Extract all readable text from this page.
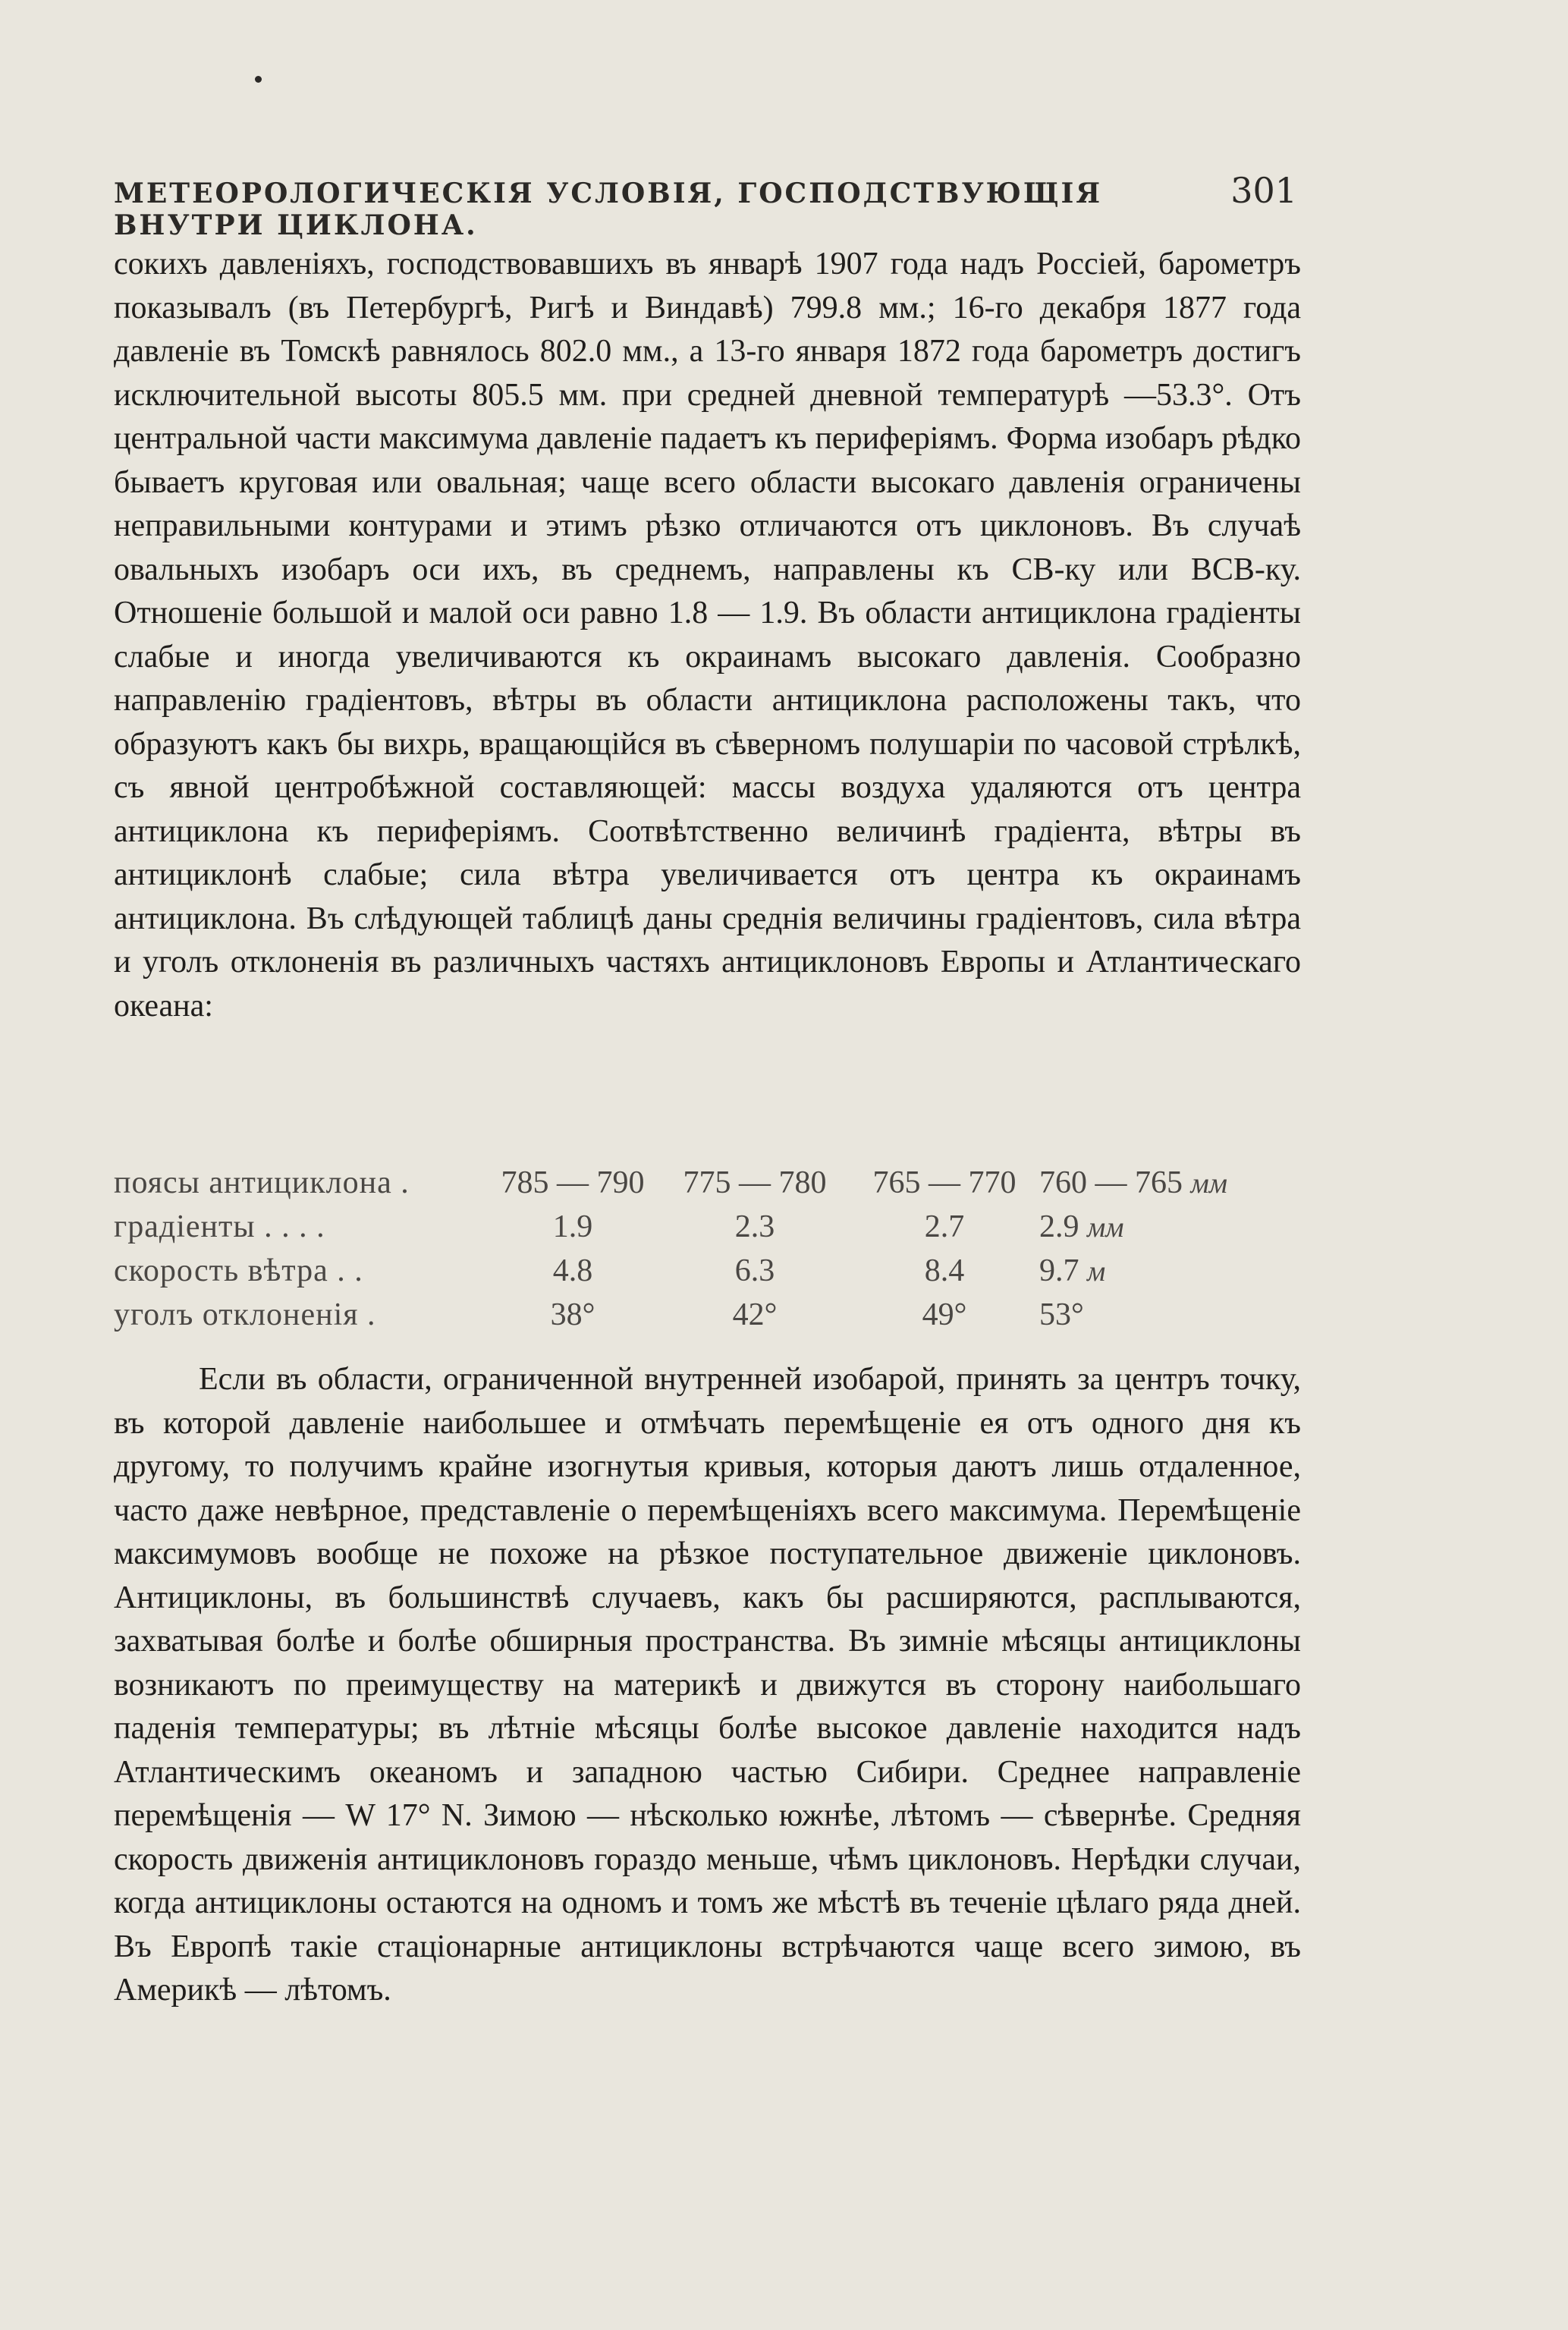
МЕТЕОРОЛОГИЧЕСКІЯ УСЛОВІЯ, ГОСПОДСТВУЮЩІЯ ВНУТРИ ЦИКЛОНА.
301

сокихъ давленіяхъ, господствовавшихъ въ январѣ 1907 года надъ Россіей, барометръ показывалъ (въ Петербургѣ, Ригѣ и Виндавѣ) 799.8 мм.; 16-го декабря 1877 года давленіе въ Томскѣ равнялось 802.0 мм., а 13-го января 1872 года барометръ достигъ исключительной высоты 805.5 мм. при средней дневной температурѣ —53.3°. Отъ центральной части максимума давленіе падаетъ къ периферіямъ. Форма изобаръ рѣдко бываетъ круговая или овальная; чаще всего области высокаго давленія ограничены неправильными контурами и этимъ рѣзко отличаются отъ циклоновъ. Въ случаѣ овальныхъ изобаръ оси ихъ, въ среднемъ, направлены къ СВ-ку или ВСВ-ку. Отношеніе большой и малой оси равно 1.8 — 1.9. Въ области антициклона градіенты слабые и иногда увеличиваются къ окраинамъ высокаго давленія. Сообразно направленію градіентовъ, вѣтры въ области антициклона расположены такъ, что образуютъ какъ бы вихрь, вращающійся въ сѣверномъ полушаріи по часовой стрѣлкѣ, съ явной центробѣжной составляющей: массы воздуха удаляются отъ центра антициклона къ периферіямъ. Соотвѣтственно величинѣ градіента, вѣтры въ антициклонѣ слабые; сила вѣтра увеличивается отъ центра къ окраинамъ антициклона. Въ слѣдующей таблицѣ даны среднія величины градіентовъ, сила вѣтра и уголъ отклоненія въ различныхъ частяхъ антициклоновъ Европы и Атлантическаго океана:

поясы антициклона .	785 — 790	775 — 780	765 — 770	760 — 765 мм
градіенты . . . .	1.9	2.3	2.7	2.9 мм
скорость вѣтра . .	4.8	6.3	8.4	9.7 м
уголъ отклоненія .	38°	42°	49°	53°

Если въ области, ограниченной внутренней изобарой, принять за центръ точку, въ которой давленіе наибольшее и отмѣчать перемѣщеніе ея отъ одного дня къ другому, то получимъ крайне изогнутыя кривыя, которыя даютъ лишь отдаленное, часто даже невѣрное, представленіе о перемѣщеніяхъ всего максимума. Перемѣщеніе максимумовъ вообще не похоже на рѣзкое поступательное движеніе циклоновъ. Антициклоны, въ большинствѣ случаевъ, какъ бы расширяются, расплываются, захватывая болѣе и болѣе обширныя пространства. Въ зимніе мѣсяцы антициклоны возникаютъ по преимуществу на материкѣ и движутся въ сторону наибольшаго паденія температуры; въ лѣтніе мѣсяцы болѣе высокое давленіе находится надъ Атлантическимъ океаномъ и западною частью Сибири. Среднее направленіе перемѣщенія — W 17° N. Зимою — нѣсколько южнѣе, лѣтомъ — сѣвернѣе. Средняя скорость движенія антициклоновъ гораздо меньше, чѣмъ циклоновъ. Нерѣдки случаи, когда антициклоны остаются на одномъ и томъ же мѣстѣ въ теченіе цѣлаго ряда дней. Въ Европѣ такіе стаціонарные антициклоны встрѣчаются чаще всего зимою, въ Америкѣ — лѣтомъ.
